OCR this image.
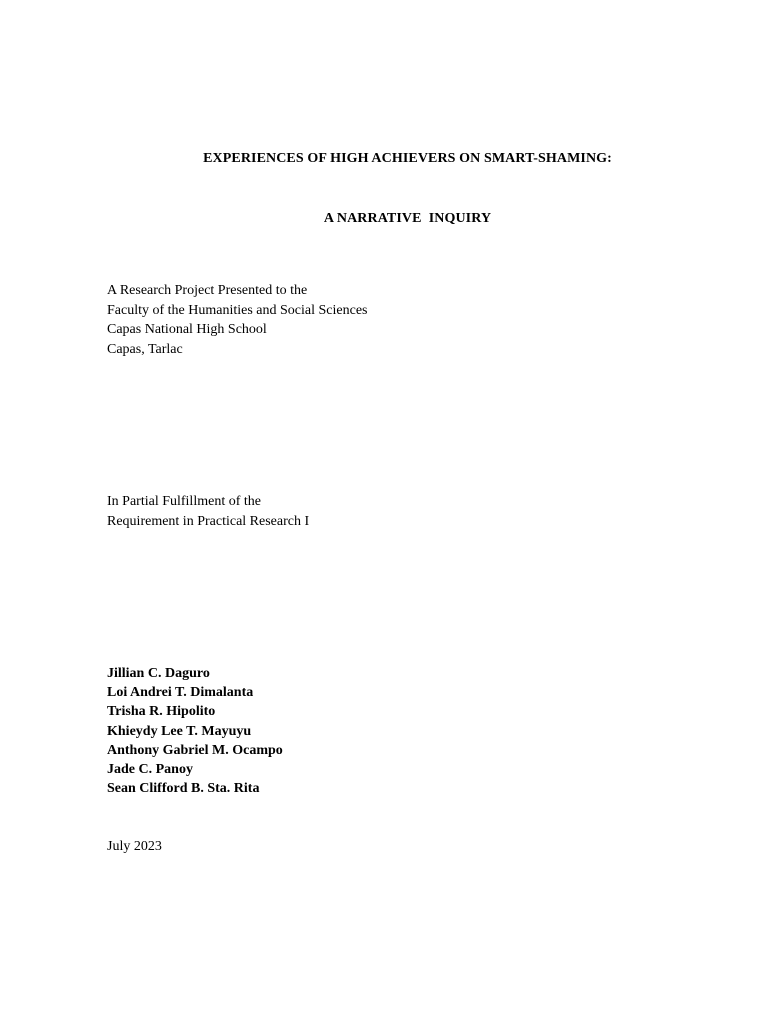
EXPERIENCES OF HIGH ACHIEVERS ON SMART-SHAMING:

A NARRATIVE  INQUIRY

A Research Project Presented to the
Faculty of the Humanities and Social Sciences
Capas National High School
Capas, Tarlac
In Partial Fulfillment of the
Requirement in Practical Research I
Jillian C. Daguro
Loi Andrei T. Dimalanta
Trisha R. Hipolito
Khieydy Lee T. Mayuyu
Anthony Gabriel M. Ocampo
Jade C. Panoy
Sean Clifford B. Sta. Rita
July 2023
